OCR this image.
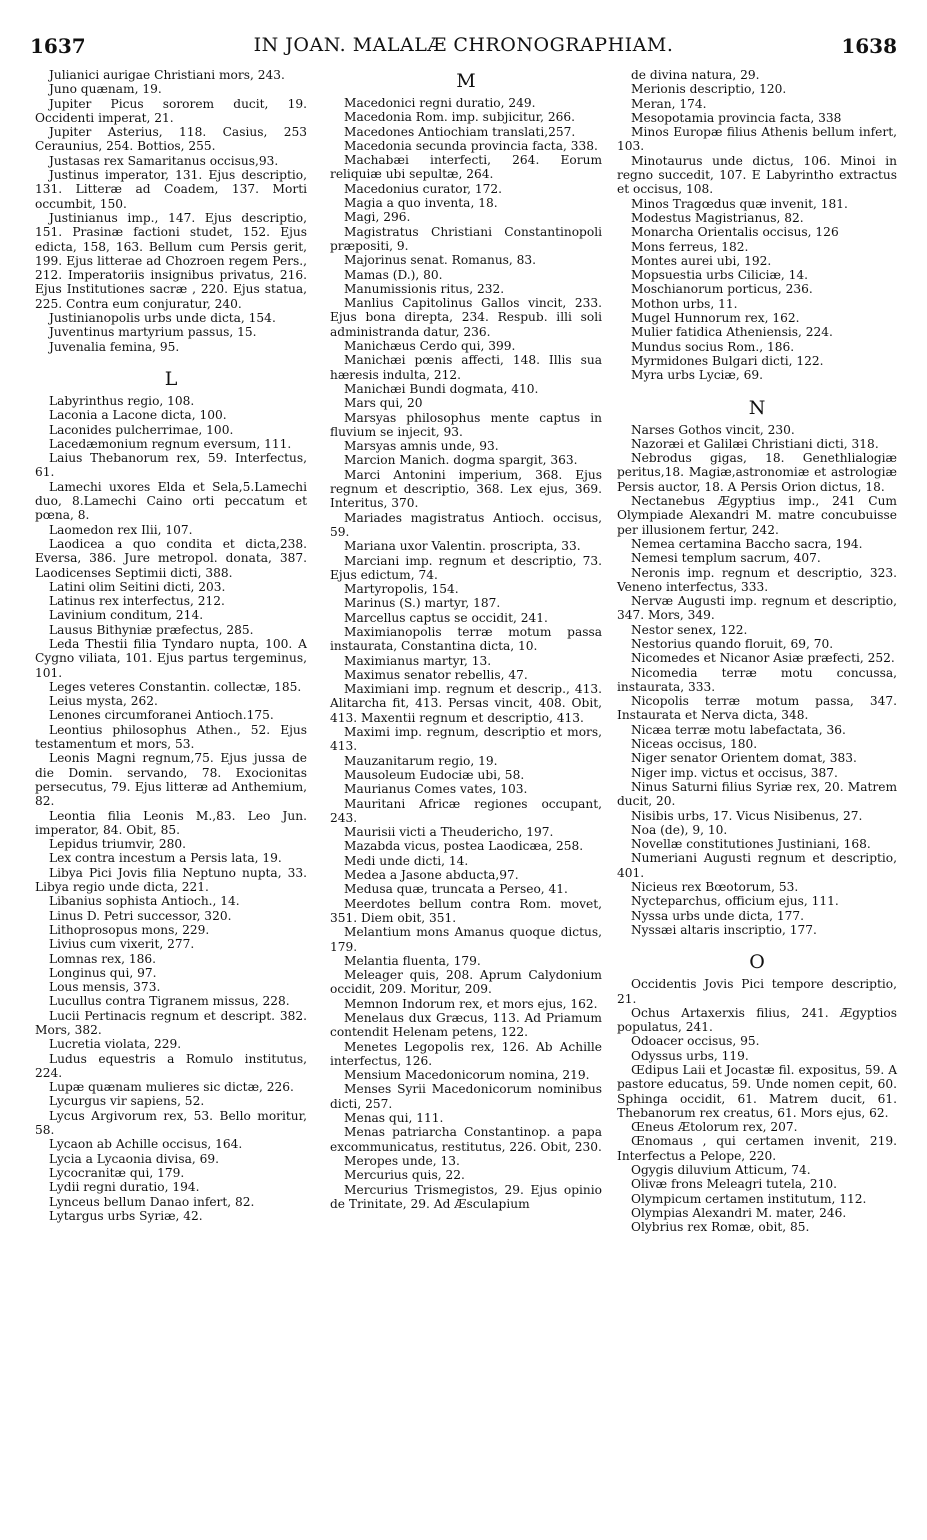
1637	IN JOAN. MALALÆ CHRONOGRAPHIAM.	1638
Julianici aurigae Christiani mors, 243.
Juno quænam, 19.
Jupiter Picus sororem ducit, 19. Occidenti imperat, 21.
Jupiter Asterius, 118. Casius, 253 Ceraunius, 254. Bottios, 255.
Justasas rex Samaritanus occisus,93.
Justinus imperator, 131. Ejus descriptio, 131. Litteræ ad Coadem, 137. Morti occumbit, 150.
Justinianus imp., 147. Ejus descriptio, 151. Prasinæ factioni studet, 152. Ejus edicta, 158, 163. Bellum cum Persis gerit, 199. Ejus litterae ad Chozroen regem Pers., 212. Imperatoriis insignibus privatus, 216. Ejus Institutiones sacræ , 220. Ejus statua, 225. Contra eum conjuratur, 240.
Justinianopolis urbs unde dicta, 154.
Juventinus martyrium passus, 15.
Juvenalia femina, 95.
L
Labyrinthus regio, 108.
Laconia a Lacone dicta, 100.
Laconides pulcherrimae, 100.
Lacedæmonium regnum eversum, 111.
Laius Thebanorum rex, 59. Interfectus, 61.
Lamechi uxores Elda et Sela,5.Lamechi duo, 8.Lamechi Caino orti peccatum et pœna, 8.
Laomedon rex Ilii, 107.
Laodicea a quo condita et dicta,238. Eversa, 386. Jure metropol. donata, 387. Laodicenses Septimii dicti, 388.
Latini olim Seitini dicti, 203.
Latinus rex interfectus, 212.
Lavinium conditum, 214.
Lausus Bithyniæ præfectus, 285.
Leda Thestii filia Tyndaro nupta, 100. A Cygno viliata, 101. Ejus partus tergeminus, 101.
Leges veteres Constantin. collectæ, 185.
Leius mysta, 262.
Lenones circumforanei Antioch.175.
Leontius philosophus Athen., 52. Ejus testamentum et mors, 53.
Leonis Magni regnum,75. Ejus jussa de die Domin. servando, 78. Exocionitas persecutus, 79. Ejus litteræ ad Anthemium, 82.
Leontia filia Leonis M.,83. Leo Jun. imperator, 84. Obit, 85.
Lepidus triumvir, 280.
Lex contra incestum a Persis lata, 19.
Libya Pici Jovis filia Neptuno nupta, 33. Libya regio unde dicta, 221.
Libanius sophista Antioch., 14.
Linus D. Petri successor, 320.
Lithoprosopus mons, 229.
Livius cum vixerit, 277.
Lomnas rex, 186.
Longinus qui, 97.
Lous mensis, 373.
Lucullus contra Tigranem missus, 228.
Lucii Pertinacis regnum et descript. 382. Mors, 382.
Lucretia violata, 229.
Ludus equestris a Romulo institutus, 224.
Lupæ quænam mulieres sic dictæ, 226.
Lycurgus vir sapiens, 52.
Lycus Argivorum rex, 53. Bello moritur, 58.
Lycaon ab Achille occisus, 164.
Lycia a Lycaonia divisa, 69.
Lycocranitæ qui, 179.
Lydii regni duratio, 194.
Lynceus bellum Danao infert, 82.
Lytargus urbs Syriæ, 42.
M
Macedonici regni duratio, 249.
Macedonia Rom. imp. subjicitur, 266.
Macedones Antiochiam translati,257.
Macedonia secunda provincia facta, 338.
Machabæi interfecti, 264. Eorum reliquiæ ubi sepultæ, 264.
Macedonius curator, 172.
Magia a quo inventa, 18.
Magi, 296.
Magistratus Christiani Constantinopoli præpositi, 9.
Majorinus senat. Romanus, 83.
Mamas (D.), 80.
Manumissionis ritus, 232.
Manlius Capitolinus Gallos vincit, 233. Ejus bona direpta, 234. Respub. illi soli administranda datur, 236.
Manichæus Cerdo qui, 399.
Manichæi pœnis affecti, 148. Illis sua hæresis indulta, 212.
Manichæi Bundi dogmata, 410.
Mars qui, 20
Marsyas philosophus mente captus in fluvium se injecit, 93.
Marsyas amnis unde, 93.
Marcion Manich. dogma spargit, 363.
Marci Antonini imperium, 368. Ejus regnum et descriptio, 368. Lex ejus, 369. Interitus, 370.
Mariades magistratus Antioch. occisus, 59.
Mariana uxor Valentin. proscripta, 33.
Marciani imp. regnum et descriptio, 73. Ejus edictum, 74.
Martyropolis, 154.
Marinus (S.) martyr, 187.
Marcellus captus se occidit, 241.
Maximianopolis terræ motum passa instaurata, Constantina dicta, 10.
Maximianus martyr, 13.
Maximus senator rebellis, 47.
Maximiani imp. regnum et descrip., 413. Alitarcha fit, 413. Persas vincit, 408. Obit, 413. Maxentii regnum et descriptio, 413.
Maximi imp. regnum, descriptio et mors, 413.
Mauzanitarum regio, 19.
Mausoleum Eudociæ ubi, 58.
Maurianus Comes vates, 103.
Mauritani Africæ regiones occupant, 243.
Maurisii victi a Theudericho, 197.
Mazabda vicus, postea Laodicæa, 258.
Medi unde dicti, 14.
Medea a Jasone abducta,97.
Medusa quæ, truncata a Perseo, 41.
Meerdotes bellum contra Rom. movet, 351. Diem obit, 351.
Melantium mons Amanus quoque dictus, 179.
Melantia fluenta, 179.
Meleager quis, 208. Aprum Calydonium occidit, 209. Moritur, 209.
Memnon Indorum rex, et mors ejus, 162.
Menelaus dux Græcus, 113. Ad Priamum contendit Helenam petens, 122.
Menetes Legopolis rex, 126. Ab Achille interfectus, 126.
Mensium Macedonicorum nomina, 219.
Menses Syrii Macedonicorum nominibus dicti, 257.
Menas qui, 111.
Menas patriarcha Constantinop. a papa excommunicatus, restitutus, 226. Obit, 230.
Meropes unde, 13.
Mercurius quis, 22.
Mercurius Trismegistos, 29. Ejus opinio de Trinitate, 29. Ad Æsculapium
de divina natura, 29.
Merionis descriptio, 120.
Meran, 174.
Mesopotamia provincia facta, 338
Minos Europæ filius Athenis bellum infert, 103.
Minotaurus unde dictus, 106. Minoi in regno succedit, 107. E Labyrintho extractus et occisus, 108.
Minos Tragœdus quæ invenit, 181.
Modestus Magistrianus, 82.
Monarcha Orientalis occisus, 126
Mons ferreus, 182.
Montes aurei ubi, 192.
Mopsuestia urbs Ciliciæ, 14.
Moschianorum porticus, 236.
Mothon urbs, 11.
Mugel Hunnorum rex, 162.
Mulier fatidica Atheniensis, 224.
Mundus socius Rom., 186.
Myrmidones Bulgari dicti, 122.
Myra urbs Lyciæ, 69.
N
Narses Gothos vincit, 230.
Nazoræi et Galilæi Christiani dicti, 318.
Nebrodus gigas, 18. Genethlialogiæ peritus,18. Magiæ,astronomiæ et astrologiæ Persis auctor, 18. A Persis Orion dictus, 18.
Nectanebus Ægyptius imp., 241 Cum Olympiade Alexandri M. matre concubuisse per illusionem fertur, 242.
Nemea certamina Baccho sacra, 194.
Nemesi templum sacrum, 407.
Neronis imp. regnum et descriptio, 323. Veneno interfectus, 333.
Nervæ Augusti imp. regnum et descriptio, 347. Mors, 349.
Nestor senex, 122.
Nestorius quando floruit, 69, 70.
Nicomedes et Nicanor Asiæ præfecti, 252.
Nicomedia terræ motu concussa, instaurata, 333.
Nicopolis terræ motum passa, 347. Instaurata et Nerva dicta, 348.
Nicæa terræ motu labefactata, 36.
Niceas occisus, 180.
Niger senator Orientem domat, 383.
Niger imp. victus et occisus, 387.
Ninus Saturni filius Syriæ rex, 20. Matrem ducit, 20.
Nisibis urbs, 17. Vicus Nisibenus, 27.
Noa (de), 9, 10.
Novellæ constitutiones Justiniani, 168.
Numeriani Augusti regnum et descriptio, 401.
Nicieus rex Bœotorum, 53.
Nycteparchus, officium ejus, 111.
Nyssa urbs unde dicta, 177.
Nyssæi altaris inscriptio, 177.
O
Occidentis Jovis Pici tempore descriptio, 21.
Ochus Artaxerxis filius, 241. Ægyptios populatus, 241.
Odoacer occisus, 95.
Odyssus urbs, 119.
Œdipus Laii et Jocastæ fil. expositus, 59. A pastore educatus, 59. Unde nomen cepit, 60. Sphinga occidit, 61. Matrem ducit, 61. Thebanorum rex creatus, 61. Mors ejus, 62.
Œneus Ætolorum rex, 207.
Œnomaus , qui certamen invenit, 219. Interfectus a Pelope, 220.
Ogygis diluvium Atticum, 74.
Olivæ frons Meleagri tutela, 210.
Olympicum certamen institutum, 112.
Olympias Alexandri M. mater, 246.
Olybrius rex Romæ, obit, 85.
